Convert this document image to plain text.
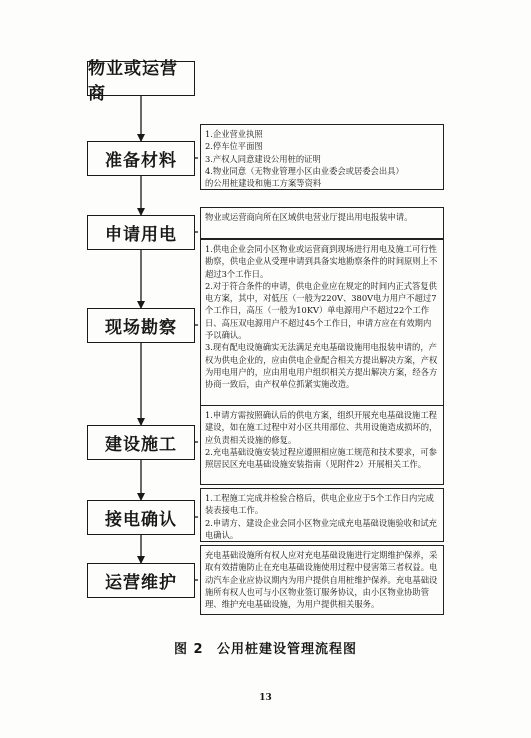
物业或运营商
准备材料
申请用电
现场勘察
建设施工
接电确认
运营维护
1.企业营业执照
2.停车位平面图
3.产权人同意建设公用桩的证明
4.物业同意（无物业管理小区由业委会或居委会出具）
的公用桩建设和施工方案等资料
物业或运营商向所在区域供电营业厅提出用电报装申请。
1.供电企业会同小区物业或运营商到现场进行用电及施工可行性勘察，供电企业从受理申请到具备实地勘察条件的时间原则上不超过3个工作日。
2.对于符合条件的申请，供电企业应在规定的时间内正式答复供电方案，其中，对低压（一般为220V、380V电力用户不超过7个工作日，高压（一般为10KV）单电源用户不超过22个工作日、高压双电源用户不超过45个工作日，申请方应在有效期内予以确认。
3.现有配电设施确实无法满足充电基础设施用电报装申请的，产权为供电企业的，应由供电企业配合相关方提出解决方案，产权为用电用户的，应由用电用户组织相关方提出解决方案，经各方协商一致后，由产权单位抓紧实施改造。
1.申请方需按照确认后的供电方案，组织开展充电基础设施工程建设，如在施工过程中对小区共用部位、共用设施造成损坏的，应负责相关设施的修复。
2.充电基础设施安装过程应遵照相应施工规范和技术要求，可参照居民区充电基础设施安装指南（见附件2）开展相关工作。
1.工程施工完成并检验合格后，供电企业应于5个工作日内完成装表接电工作。
2.申请方、建设企业会同小区物业完成充电基础设施验收和试充电确认。
充电基础设施所有权人应对充电基础设施进行定期维护保养，采取有效措施防止在充电基础设施使用过程中侵害第三者权益。电动汽车企业应协议期内为用户提供自用桩维护保养。充电基础设施所有权人也可与小区物业签订服务协议，由小区物业协助管理、维护充电基础设施，为用户提供相关服务。
图 2 公用桩建设管理流程图
13
